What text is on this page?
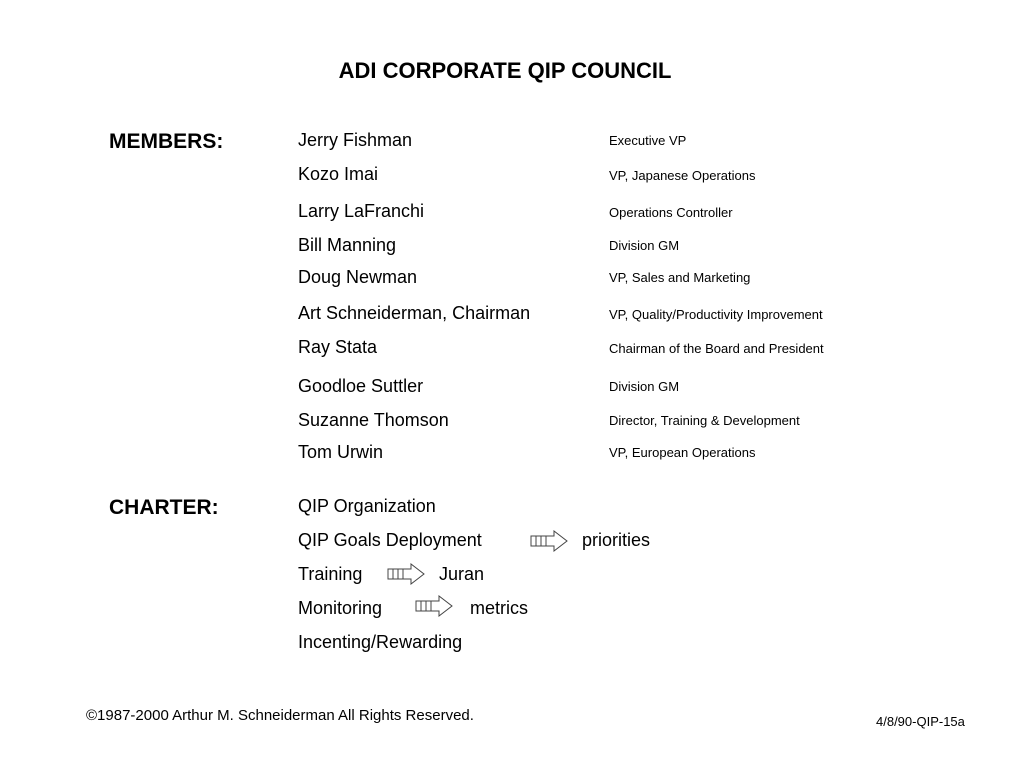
ADI CORPORATE QIP COUNCIL
MEMBERS:	Jerry Fishman	Executive VP
Kozo Imai	VP, Japanese Operations
Larry LaFranchi	Operations Controller
Bill Manning	Division GM
Doug Newman	VP, Sales and Marketing
Art Schneiderman, Chairman	VP, Quality/Productivity Improvement
Ray Stata	Chairman of the Board and President
Goodloe Suttler	Division GM
Suzanne Thomson	Director, Training & Development
Tom Urwin	VP, European Operations
CHARTER:	QIP Organization
QIP Goals Deployment	priorities
Training	Juran
Monitoring	metrics
Incenting/Rewarding
©1987-2000 Arthur M. Schneiderman All Rights Reserved.	4/8/90-QIP-15a
